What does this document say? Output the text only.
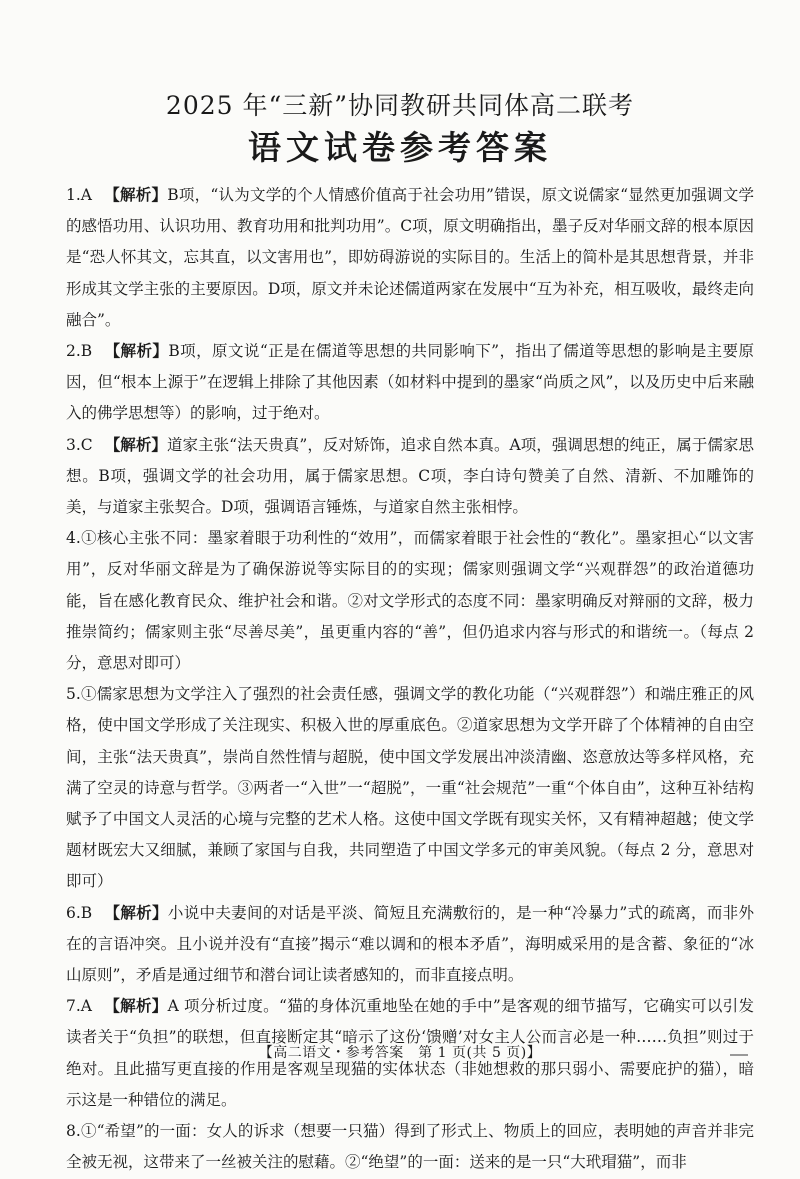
2025 年“三新”协同教研共同体高二联考
语文试卷参考答案
1.A 【解析】B项，“认为文学的个人情感价值高于社会功用”错误，原文说儒家“显然更加强调文学的感悟功用、认识功用、教育功用和批判功用”。C项，原文明确指出，墨子反对华丽文辞的根本原因是“恐人怀其文，忘其直，以文害用也”，即妨碍游说的实际目的。生活上的简朴是其思想背景，并非形成其文学主张的主要原因。D项，原文并未论述儒道两家在发展中“互为补充，相互吸收，最终走向融合”。
2.B 【解析】B项，原文说“正是在儒道等思想的共同影响下”，指出了儒道等思想的影响是主要原因，但“根本上源于”在逻辑上排除了其他因素（如材料中提到的墨家“尚质之风”，以及历史中后来融入的佛学思想等）的影响，过于绝对。
3.C 【解析】道家主张“法天贵真”，反对矫饰，追求自然本真。A项，强调思想的纯正，属于儒家思想。B项，强调文学的社会功用，属于儒家思想。C项，李白诗句赞美了自然、清新、不加雕饰的美，与道家主张契合。D项，强调语言锤炼，与道家自然主张相悖。
4.①核心主张不同：墨家着眼于功利性的“效用”，而儒家着眼于社会性的“教化”。墨家担心“以文害用”，反对华丽文辞是为了确保游说等实际目的的实现；儒家则强调文学“兴观群怨”的政治道德功能，旨在感化教育民众、维护社会和谐。②对文学形式的态度不同：墨家明确反对辩丽的文辞，极力推崇简约；儒家则主张“尽善尽美”，虽更重内容的“善”，但仍追求内容与形式的和谐统一。（每点 2 分，意思对即可）
5.①儒家思想为文学注入了强烈的社会责任感，强调文学的教化功能（“兴观群怨”）和端庄雅正的风格，使中国文学形成了关注现实、积极入世的厚重底色。②道家思想为文学开辟了个体精神的自由空间，主张“法天贵真”，崇尚自然性情与超脱，使中国文学发展出冲淡清幽、恣意放达等多样风格，充满了空灵的诗意与哲学。③两者一“入世”一“超脱”，一重“社会规范”一重“个体自由”，这种互补结构赋予了中国文人灵活的心境与完整的艺术人格。这使中国文学既有现实关怀，又有精神超越；使文学题材既宏大又细腻，兼顾了家国与自我，共同塑造了中国文学多元的审美风貌。（每点 2 分，意思对即可）
6.B 【解析】小说中夫妻间的对话是平淡、简短且充满敷衍的，是一种“冷暴力”式的疏离，而非外在的言语冲突。且小说并没有“直接”揭示“难以调和的根本矛盾”，海明威采用的是含蓄、象征的“冰山原则”，矛盾是通过细节和潜台词让读者感知的，而非直接点明。
7.A 【解析】A 项分析过度。“猫的身体沉重地坠在她的手中”是客观的细节描写，它确实可以引发读者关于“负担”的联想，但直接断定其“暗示了这份‘馈赠’对女主人公而言必是一种……负担”则过于绝对。且此描写更直接的作用是客观呈现猫的实体状态（非她想救的那只弱小、需要庇护的猫），暗示这是一种错位的满足。
8.①“希望”的一面：女人的诉求（想要一只猫）得到了形式上、物质上的回应，表明她的声音并非完全被无视，这带来了一丝被关注的慰藉。②“绝望”的一面：送来的是一只“大玳瑁猫”，而非
【高二语文・参考答案　第 1 页(共 5 页)】
